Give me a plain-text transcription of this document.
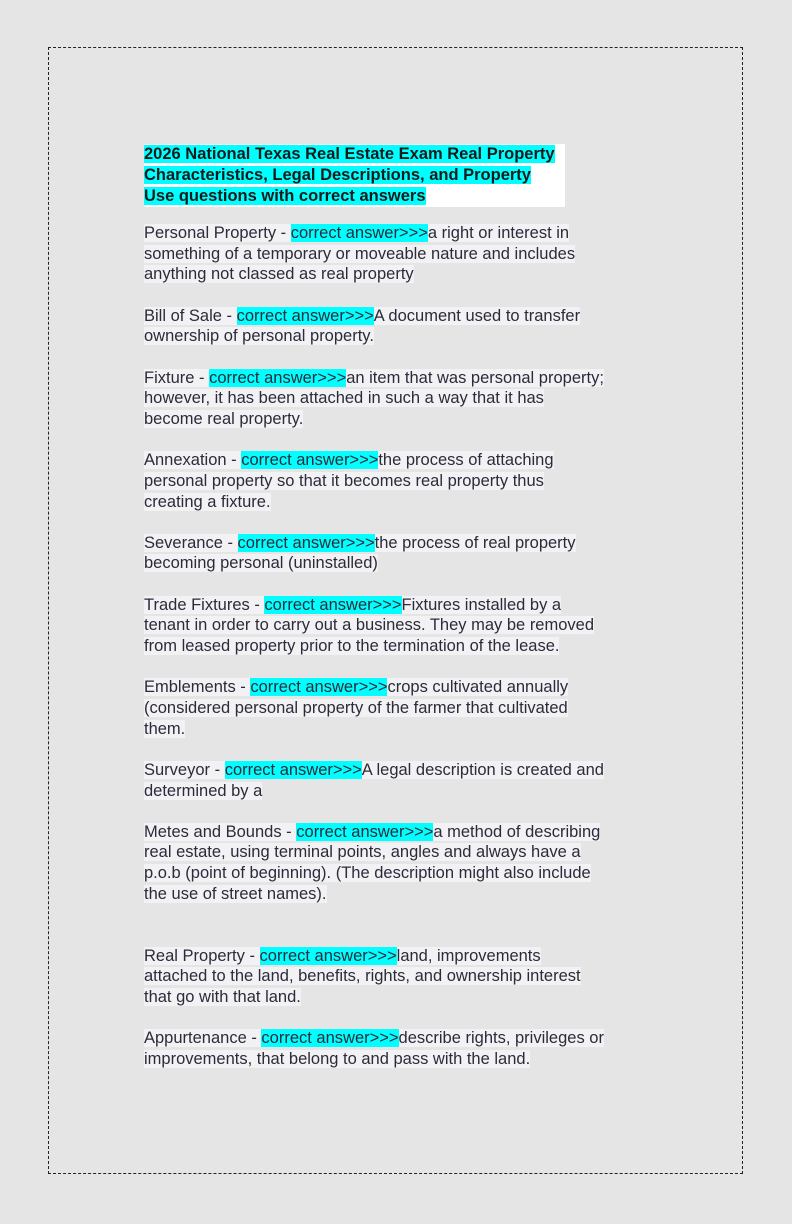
2026 National Texas Real Estate Exam Real Property
Characteristics, Legal Descriptions, and Property
Use questions with correct answers
Personal Property - correct answer>>>a right or interest in
something of a temporary or moveable nature and includes
anything not classed as real property
Bill of Sale - correct answer>>>A document used to transfer
ownership of personal property.
Fixture - correct answer>>>an item that was personal property;
however, it has been attached in such a way that it has
become real property.
Annexation - correct answer>>>the process of attaching
personal property so that it becomes real property thus
creating a fixture.
Severance - correct answer>>>the process of real property
becoming personal (uninstalled)
Trade Fixtures - correct answer>>>Fixtures installed by a
tenant in order to carry out a business. They may be removed
from leased property prior to the termination of the lease.
Emblements - correct answer>>>crops cultivated annually
(considered personal property of the farmer that cultivated
them.
Surveyor - correct answer>>>A legal description is created and
determined by a
Metes and Bounds - correct answer>>>a method of describing
real estate, using terminal points, angles and always have a
p.o.b (point of beginning). (The description might also include
the use of street names).
Real Property - correct answer>>>land, improvements
attached to the land, benefits, rights, and ownership interest
that go with that land.
Appurtenance - correct answer>>>describe rights, privileges or
improvements, that belong to and pass with the land.
